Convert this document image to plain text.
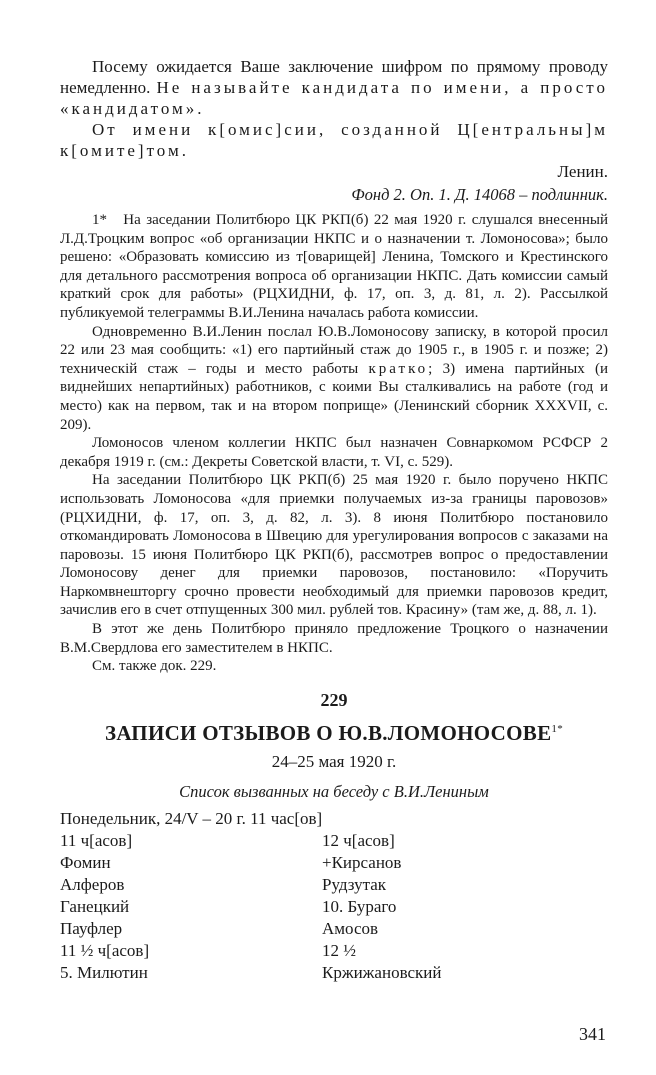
Посему ожидается Ваше заключение шифром по прямому проводу немедленно. Не называйте кандидата по имени, а просто «кандидатом».

От имени к[омис]сии, созданной Ц[ентральны]м к[омите]том.

Ленин.

Фонд 2. Оп. 1. Д. 14068 – подлинник.

1* На заседании Политбюро ЦК РКП(б) 22 мая 1920 г. слушался внесенный Л.Д.Троцким вопрос «об организации НКПС и о назначении т. Ломоносова»; было решено: «Образовать комиссию из т[оварищей] Ленина, Томского и Крестинского для детального рассмотрения вопроса об организации НКПС. Дать комиссии самый краткий срок для работы» (РЦХИДНИ, ф. 17, оп. 3, д. 81, л. 2). Рассылкой публикуемой телеграммы В.И.Ленина началась работа комиссии.

Одновременно В.И.Ленин послал Ю.В.Ломоносову записку, в которой просил 22 или 23 мая сообщить: «1) его партийный стаж до 1905 г., в 1905 г. и позже; 2) техническій стаж – годы и место работы кратко; 3) имена партийных (и виднейших непартийных) работников, с коими Вы сталкивались на работе (год и место) как на первом, так и на втором поприще» (Ленинский сборник XXXVII, с. 209).

Ломоносов членом коллегии НКПС был назначен Совнаркомом РСФСР 2 декабря 1919 г. (см.: Декреты Советской власти, т. VI, с. 529).

На заседании Политбюро ЦК РКП(б) 25 мая 1920 г. было поручено НКПС использовать Ломоносова «для приемки получаемых из-за границы паровозов» (РЦХИДНИ, ф. 17, оп. 3, д. 82, л. 3). 8 июня Политбюро постановило откомандировать Ломоносова в Швецию для урегулирования вопросов с заказами на паровозы. 15 июня Политбюро ЦК РКП(б), рассмотрев вопрос о предоставлении Ломоносову денег для приемки паровозов, постановило: «Поручить Наркомвнешторгу срочно провести необходимый для приемки паровозов кредит, зачислив его в счет отпущенных 300 мил. рублей тов. Красину» (там же, д. 88, л. 1).

В этот же день Политбюро приняло предложение Троцкого о назначении В.М.Свердлова его заместителем в НКПС.

См. также док. 229.

229
ЗАПИСИ ОТЗЫВОВ О $Ю.В.ЛОМОНОСОВЕ^{1*}$
24–25 мая 1920 г.
Список вызванных на беседу с В.И.Лениным
Понедельник, 24/V – 20 г. 11 час[ов]
11 ч[асов]	12 ч[асов]
Фомин	+Кирсанов
Алферов	Рудзутак
Ганецкий	10. Бураго
Пауфлер	Амосов
11 ½ ч[асов]	12 ½
5. Милютин	Кржижановский
341
